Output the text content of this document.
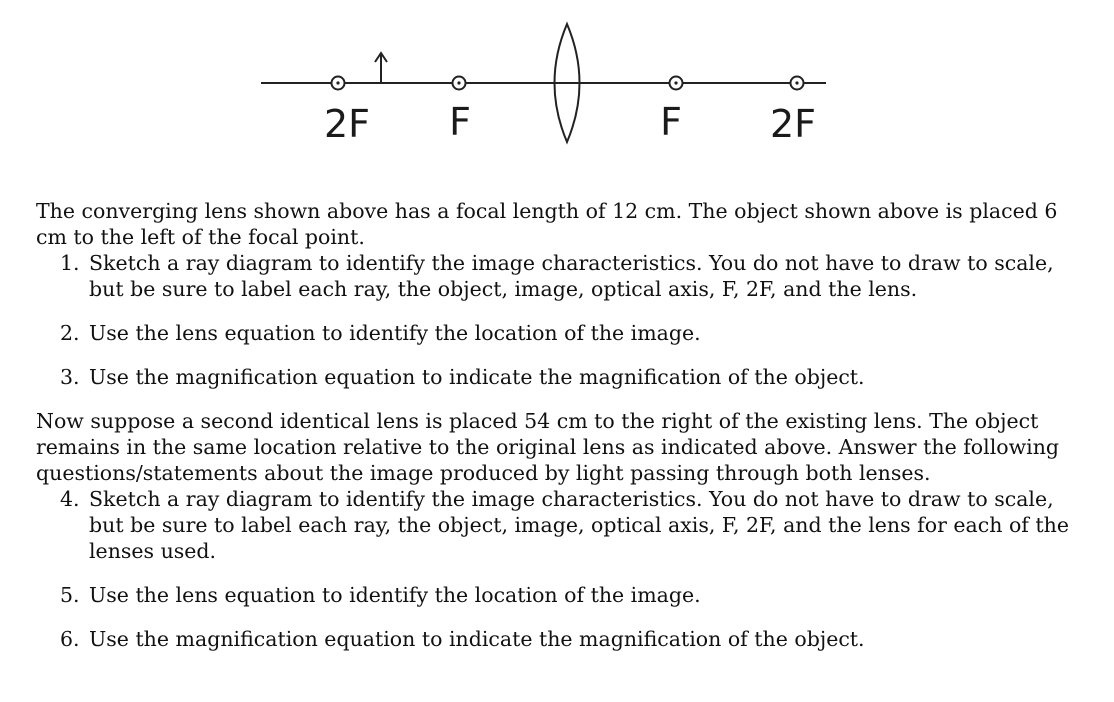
2F F	F 2F

The converging lens shown above has a focal length of 12 cm. The object shown above is placed 6 cm to the left of the focal point.

1. Sketch a ray diagram to identify the image characteristics. You do not have to draw to scale, but be sure to label each ray, the object, image, optical axis, F, 2F, and the lens.
2. Use the lens equation to identify the location of the image.
3. Use the magnification equation to indicate the magnification of the object.

Now suppose a second identical lens is placed 54 cm to the right of the existing lens. The object remains in the same location relative to the original lens as indicated above. Answer the following questions/statements about the image produced by light passing through both lenses.

4. Sketch a ray diagram to identify the image characteristics. You do not have to draw to scale, but be sure to label each ray, the object, image, optical axis, F, 2F, and the lens for each of the lenses used.
5. Use the lens equation to identify the location of the image.
6. Use the magnification equation to indicate the magnification of the object.
